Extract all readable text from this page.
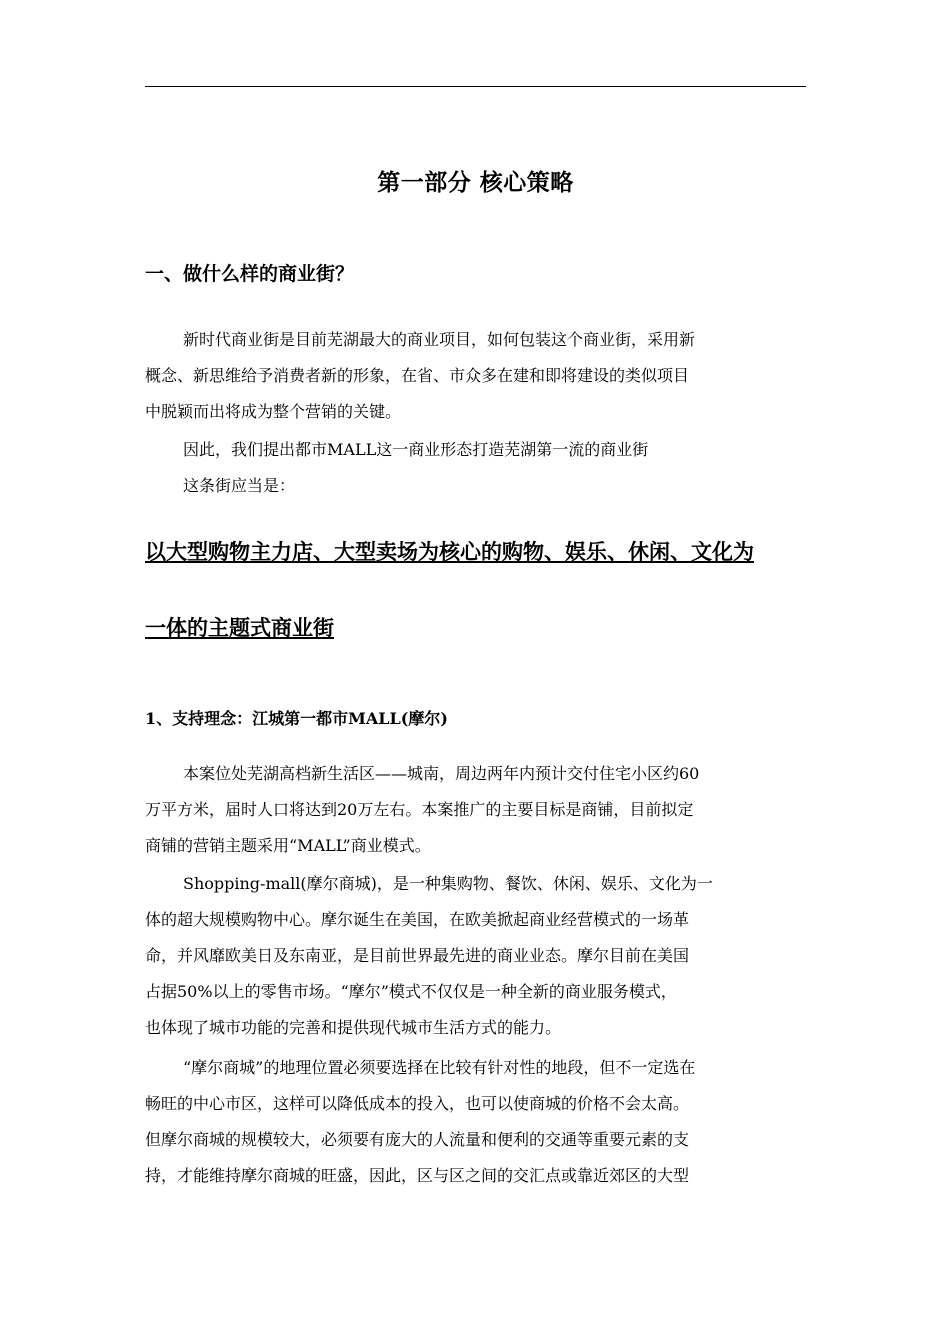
第一部分 核心策略
一、做什么样的商业街？
新时代商业街是目前芜湖最大的商业项目，如何包装这个商业街，采用新
概念、新思维给予消费者新的形象，在省、市众多在建和即将建设的类似项目
中脱颖而出将成为整个营销的关键。
因此，我们提出都市MALL这一商业形态打造芜湖第一流的商业街
这条街应当是：
以大型购物主力店、大型卖场为核心的购物、娱乐、休闲、文化为
一体的主题式商业街
1、支持理念：江城第一都市MALL(摩尔)
本案位处芜湖高档新生活区——城南，周边两年内预计交付住宅小区约60
万平方米，届时人口将达到20万左右。本案推广的主要目标是商铺，目前拟定
商铺的营销主题采用“MALL”商业模式。
Shopping-mall(摩尔商城)，是一种集购物、餐饮、休闲、娱乐、文化为一
体的超大规模购物中心。摩尔诞生在美国，在欧美掀起商业经营模式的一场革
命，并风靡欧美日及东南亚，是目前世界最先进的商业业态。摩尔目前在美国
占据50%以上的零售市场。“摩尔”模式不仅仅是一种全新的商业服务模式，
也体现了城市功能的完善和提供现代城市生活方式的能力。
“摩尔商城”的地理位置必须要选择在比较有针对性的地段，但不一定选在
畅旺的中心市区，这样可以降低成本的投入，也可以使商城的价格不会太高。
但摩尔商城的规模较大，必须要有庞大的人流量和便利的交通等重要元素的支
持，才能维持摩尔商城的旺盛，因此，区与区之间的交汇点或靠近郊区的大型
